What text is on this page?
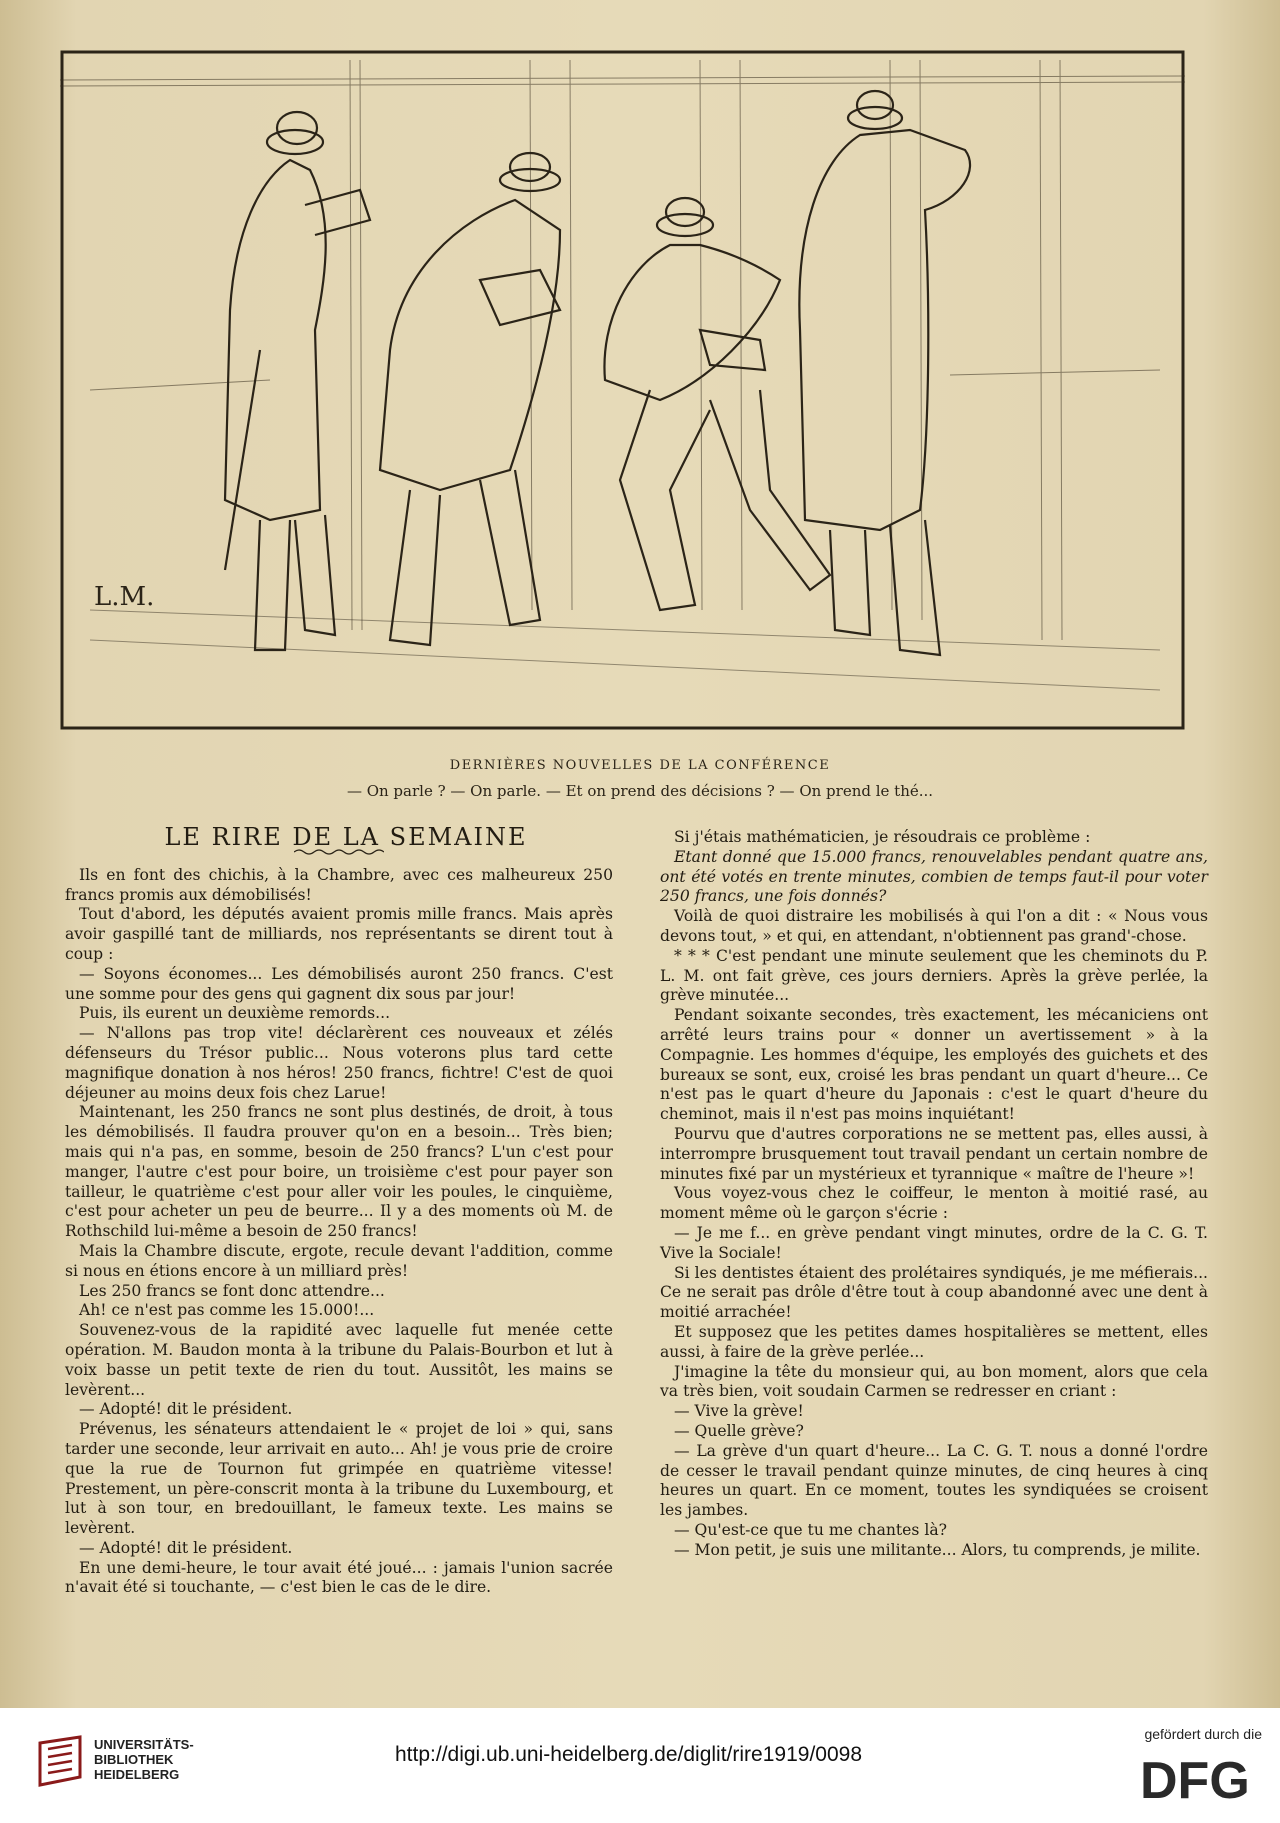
L.M.
DERNIÈRES NOUVELLES DE LA CONFÉRENCE
— On parle ? — On parle. — Et on prend des décisions ? — On prend le thé...

LE RIRE DE LA SEMAINE

Ils en font des chichis, à la Chambre, avec ces malheureux 250 francs promis aux démobilisés!

Tout d'abord, les députés avaient promis mille francs. Mais après avoir gaspillé tant de milliards, nos représentants se dirent tout à coup :

— Soyons économes... Les démobilisés auront 250 francs. C'est une somme pour des gens qui gagnent dix sous par jour!

Puis, ils eurent un deuxième remords...

— N'allons pas trop vite! déclarèrent ces nouveaux et zélés défenseurs du Trésor public... Nous voterons plus tard cette magnifique donation à nos héros! 250 francs, fichtre! C'est de quoi déjeuner au moins deux fois chez Larue!

Maintenant, les 250 francs ne sont plus destinés, de droit, à tous les démobilisés. Il faudra prouver qu'on en a besoin... Très bien; mais qui n'a pas, en somme, besoin de 250 francs? L'un c'est pour manger, l'autre c'est pour boire, un troisième c'est pour payer son tailleur, le quatrième c'est pour aller voir les poules, le cinquième, c'est pour acheter un peu de beurre... Il y a des moments où M. de Rothschild lui-même a besoin de 250 francs!

Mais la Chambre discute, ergote, recule devant l'addition, comme si nous en étions encore à un milliard près!

Les 250 francs se font donc attendre...

Ah! ce n'est pas comme les 15.000!...

Souvenez-vous de la rapidité avec laquelle fut menée cette opération. M. Baudon monta à la tribune du Palais-Bourbon et lut à voix basse un petit texte de rien du tout. Aussitôt, les mains se levèrent...

— Adopté! dit le président.

Prévenus, les sénateurs attendaient le « projet de loi » qui, sans tarder une seconde, leur arrivait en auto... Ah! je vous prie de croire que la rue de Tournon fut grimpée en quatrième vitesse! Prestement, un père-conscrit monta à la tribune du Luxembourg, et lut à son tour, en bredouillant, le fameux texte. Les mains se levèrent.

— Adopté! dit le président.

En une demi-heure, le tour avait été joué... : jamais l'union sacrée n'avait été si touchante, — c'est bien le cas de le dire.

Si j'étais mathématicien, je résoudrais ce problème :

Etant donné que 15.000 francs, renouvelables pendant quatre ans, ont été votés en trente minutes, combien de temps faut-il pour voter 250 francs, une fois donnés?

Voilà de quoi distraire les mobilisés à qui l'on a dit : « Nous vous devons tout, » et qui, en attendant, n'obtiennent pas grand'-chose.

* * * C'est pendant une minute seulement que les cheminots du P. L. M. ont fait grève, ces jours derniers. Après la grève perlée, la grève minutée...

Pendant soixante secondes, très exactement, les mécaniciens ont arrêté leurs trains pour « donner un avertissement » à la Compagnie. Les hommes d'équipe, les employés des guichets et des bureaux se sont, eux, croisé les bras pendant un quart d'heure... Ce n'est pas le quart d'heure du Japonais : c'est le quart d'heure du cheminot, mais il n'est pas moins inquiétant!

Pourvu que d'autres corporations ne se mettent pas, elles aussi, à interrompre brusquement tout travail pendant un certain nombre de minutes fixé par un mystérieux et tyrannique « maître de l'heure »!

Vous voyez-vous chez le coiffeur, le menton à moitié rasé, au moment même où le garçon s'écrie :

— Je me f... en grève pendant vingt minutes, ordre de la C. G. T. Vive la Sociale!

Si les dentistes étaient des prolétaires syndiqués, je me méfierais... Ce ne serait pas drôle d'être tout à coup abandonné avec une dent à moitié arrachée!

Et supposez que les petites dames hospitalières se mettent, elles aussi, à faire de la grève perlée...

J'imagine la tête du monsieur qui, au bon moment, alors que cela va très bien, voit soudain Carmen se redresser en criant :

— Vive la grève!

— Quelle grève?

— La grève d'un quart d'heure... La C. G. T. nous a donné l'ordre de cesser le travail pendant quinze minutes, de cinq heures à cinq heures un quart. En ce moment, toutes les syndiquées se croisent les jambes.

— Qu'est-ce que tu me chantes là?

— Mon petit, je suis une militante... Alors, tu comprends, je milite.

UNIVERSITÄTS-
BIBLIOTHEK
HEIDELBERG
http://digi.ub.uni-heidelberg.de/diglit/rire1919/0098
gefördert durch die
DFG
